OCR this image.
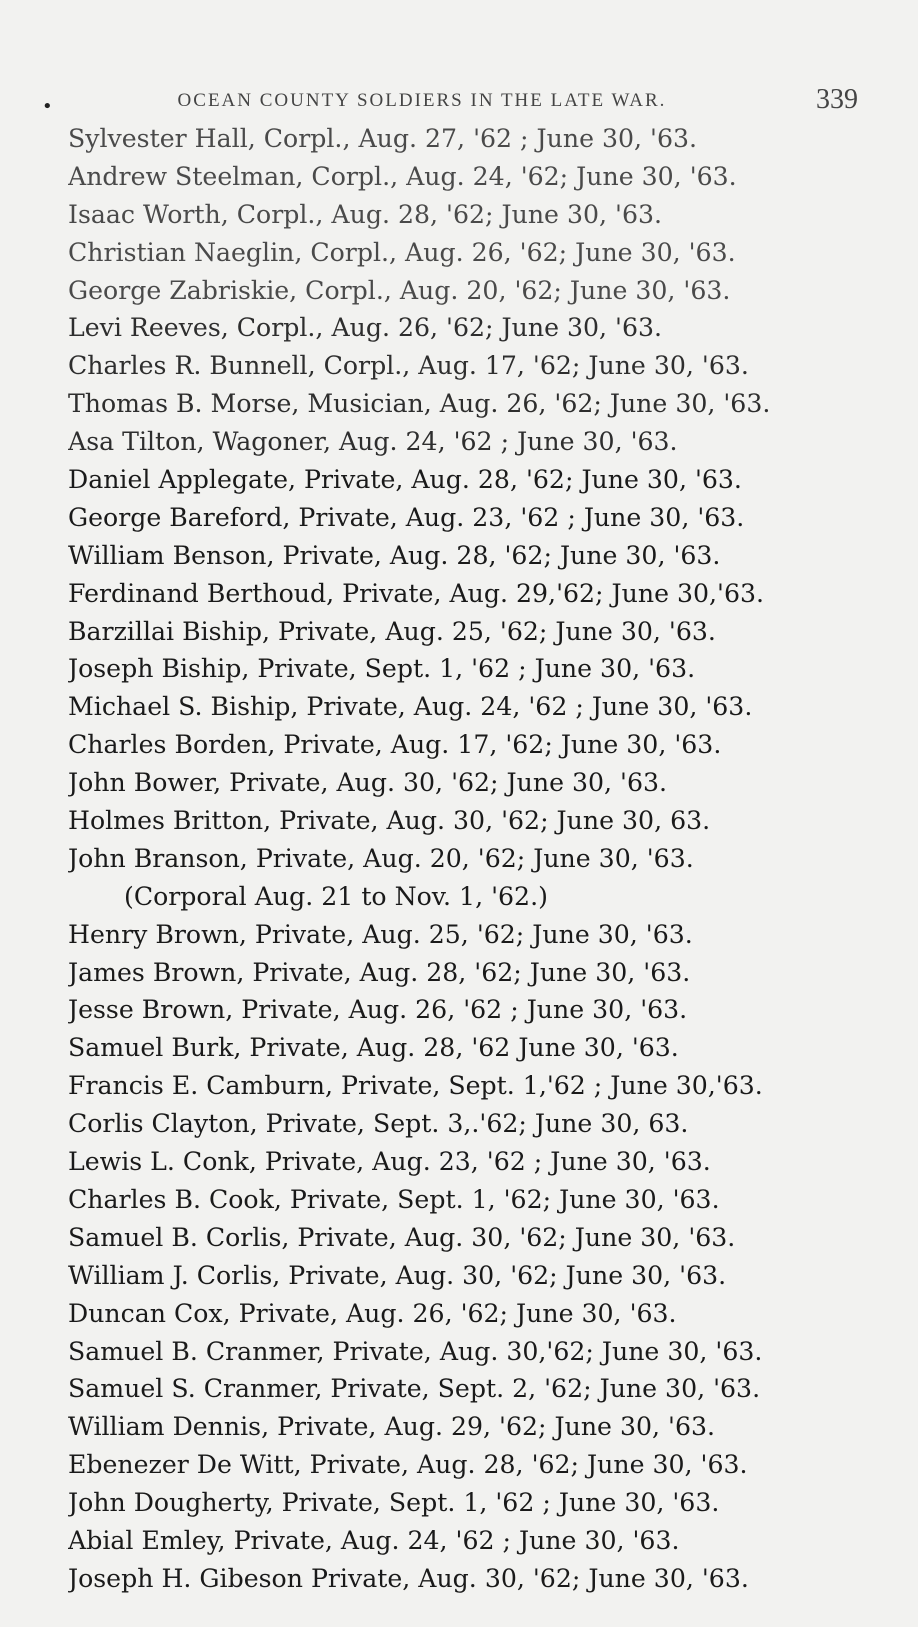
•	OCEAN COUNTY SOLDIERS IN THE LATE WAR.	339
Sylvester Hall, Corpl., Aug. 27, '62 ; June 30, '63.
Andrew Steelman, Corpl., Aug. 24, '62; June 30, '63.
Isaac Worth, Corpl., Aug. 28, '62; June 30, '63.
Christian Naeglin, Corpl., Aug. 26, '62; June 30, '63.
George Zabriskie, Corpl., Aug. 20, '62; June 30, '63.
Levi Reeves, Corpl., Aug. 26, '62; June 30, '63.
Charles R. Bunnell, Corpl., Aug. 17, '62; June 30, '63.
Thomas B. Morse, Musician, Aug. 26, '62; June 30, '63.
Asa Tilton, Wagoner, Aug. 24, '62 ; June 30, '63.
Daniel Applegate, Private, Aug. 28, '62; June 30, '63.
George Bareford, Private, Aug. 23, '62 ; June 30, '63.
William Benson, Private, Aug. 28, '62; June 30, '63.
Ferdinand Berthoud, Private, Aug. 29,'62; June 30,'63.
Barzillai Biship, Private, Aug. 25, '62; June 30, '63.
Joseph Biship, Private, Sept. 1, '62 ; June 30, '63.
Michael S. Biship, Private, Aug. 24, '62 ; June 30, '63.
Charles Borden, Private, Aug. 17, '62; June 30, '63.
John Bower, Private, Aug. 30, '62; June 30, '63.
Holmes Britton, Private, Aug. 30, '62; June 30, 63.
John Branson, Private, Aug. 20, '62; June 30, '63.
(Corporal Aug. 21 to Nov. 1, '62.)
Henry Brown, Private, Aug. 25, '62; June 30, '63.
James Brown, Private, Aug. 28, '62; June 30, '63.
Jesse Brown, Private, Aug. 26, '62 ; June 30, '63.
Samuel Burk, Private, Aug. 28, '62 June 30, '63.
Francis E. Camburn, Private, Sept. 1,'62 ; June 30,'63.
Corlis Clayton, Private, Sept. 3,.'62; June 30, 63.
Lewis L. Conk, Private, Aug. 23, '62 ; June 30, '63.
Charles B. Cook, Private, Sept. 1, '62; June 30, '63.
Samuel B. Corlis, Private, Aug. 30, '62; June 30, '63.
William J. Corlis, Private, Aug. 30, '62; June 30, '63.
Duncan Cox, Private, Aug. 26, '62; June 30, '63.
Samuel B. Cranmer, Private, Aug. 30,'62; June 30, '63.
Samuel S. Cranmer, Private, Sept. 2, '62; June 30, '63.
William Dennis, Private, Aug. 29, '62; June 30, '63.
Ebenezer De Witt, Private, Aug. 28, '62; June 30, '63.
John Dougherty, Private, Sept. 1, '62 ; June 30, '63.
Abial Emley, Private, Aug. 24, '62 ; June 30, '63.
Joseph H. Gibeson Private, Aug. 30, '62; June 30, '63.
